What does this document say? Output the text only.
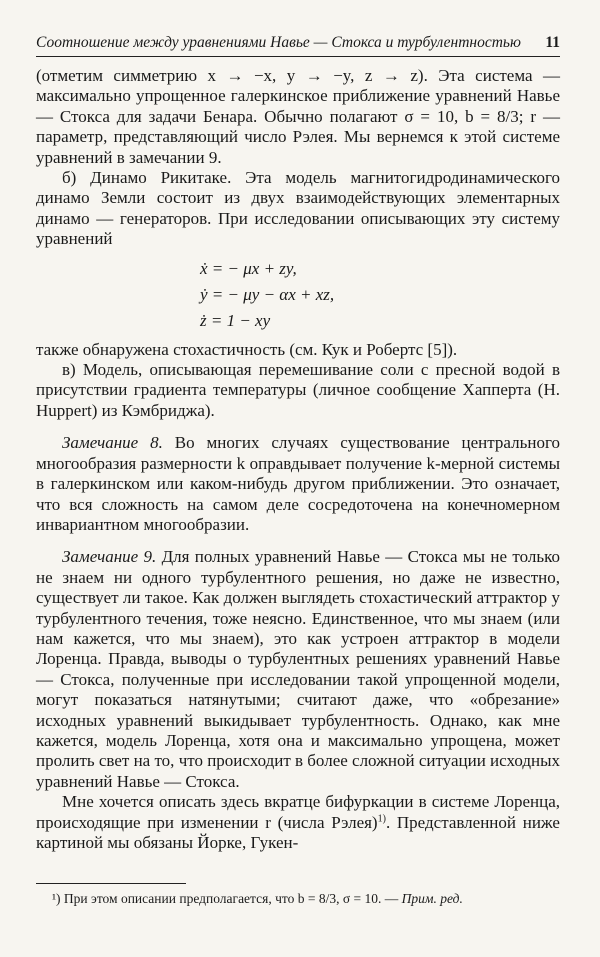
Соотношение между уравнениями Навье — Стокса и турбулентностью 11

(отметим симметрию x → −x, y → −y, z → z). Эта система — максимально упрощенное галеркинское приближение уравнений Навье — Стокса для задачи Бенара. Обычно полагают σ = 10, b = 8/3; r — параметр, представляющий число Рэлея. Мы вернемся к этой системе уравнений в замечании 9.

б) Динамо Рикитаке. Эта модель магнитогидродинамического динамо Земли состоит из двух взаимодействующих элементарных динамо — генераторов. При исследовании описывающих эту систему уравнений

ẋ = − μx + zy,
ẏ = − μy − αx + xz,
ż = 1 − xy

также обнаружена стохастичность (см. Кук и Робертс [5]).

в) Модель, описывающая перемешивание соли с пресной водой в присутствии градиента температуры (личное сообщение Хапперта (H. Huppert) из Кэмбриджа).

Замечание 8. Во многих случаях существование центрального многообразия размерности k оправдывает получение k-мерной системы в галеркинском или каком-нибудь другом приближении. Это означает, что вся сложность на самом деле сосредоточена на конечномерном инвариантном многообразии.

Замечание 9. Для полных уравнений Навье — Стокса мы не только не знаем ни одного турбулентного решения, но даже не известно, существует ли такое. Как должен выглядеть стохастический аттрактор у турбулентного течения, тоже неясно. Единственное, что мы знаем (или нам кажется, что мы знаем), это как устроен аттрактор в модели Лоренца. Правда, выводы о турбулентных решениях уравнений Навье — Стокса, полученные при исследовании такой упрощенной модели, могут показаться натянутыми; считают даже, что «обрезание» исходных уравнений выкидывает турбулентность. Однако, как мне кажется, модель Лоренца, хотя она и максимально упрощена, может пролить свет на то, что происходит в более сложной ситуации исходных уравнений Навье — Стокса.

Мне хочется описать здесь вкратце бифуркации в системе Лоренца, происходящие при изменении r (числа Рэлея)$^{1)}$. Представленной ниже картиной мы обязаны Йорке, Гукен-

¹) При этом описании предполагается, что b = 8/3, σ = 10. — Прим. ред.
